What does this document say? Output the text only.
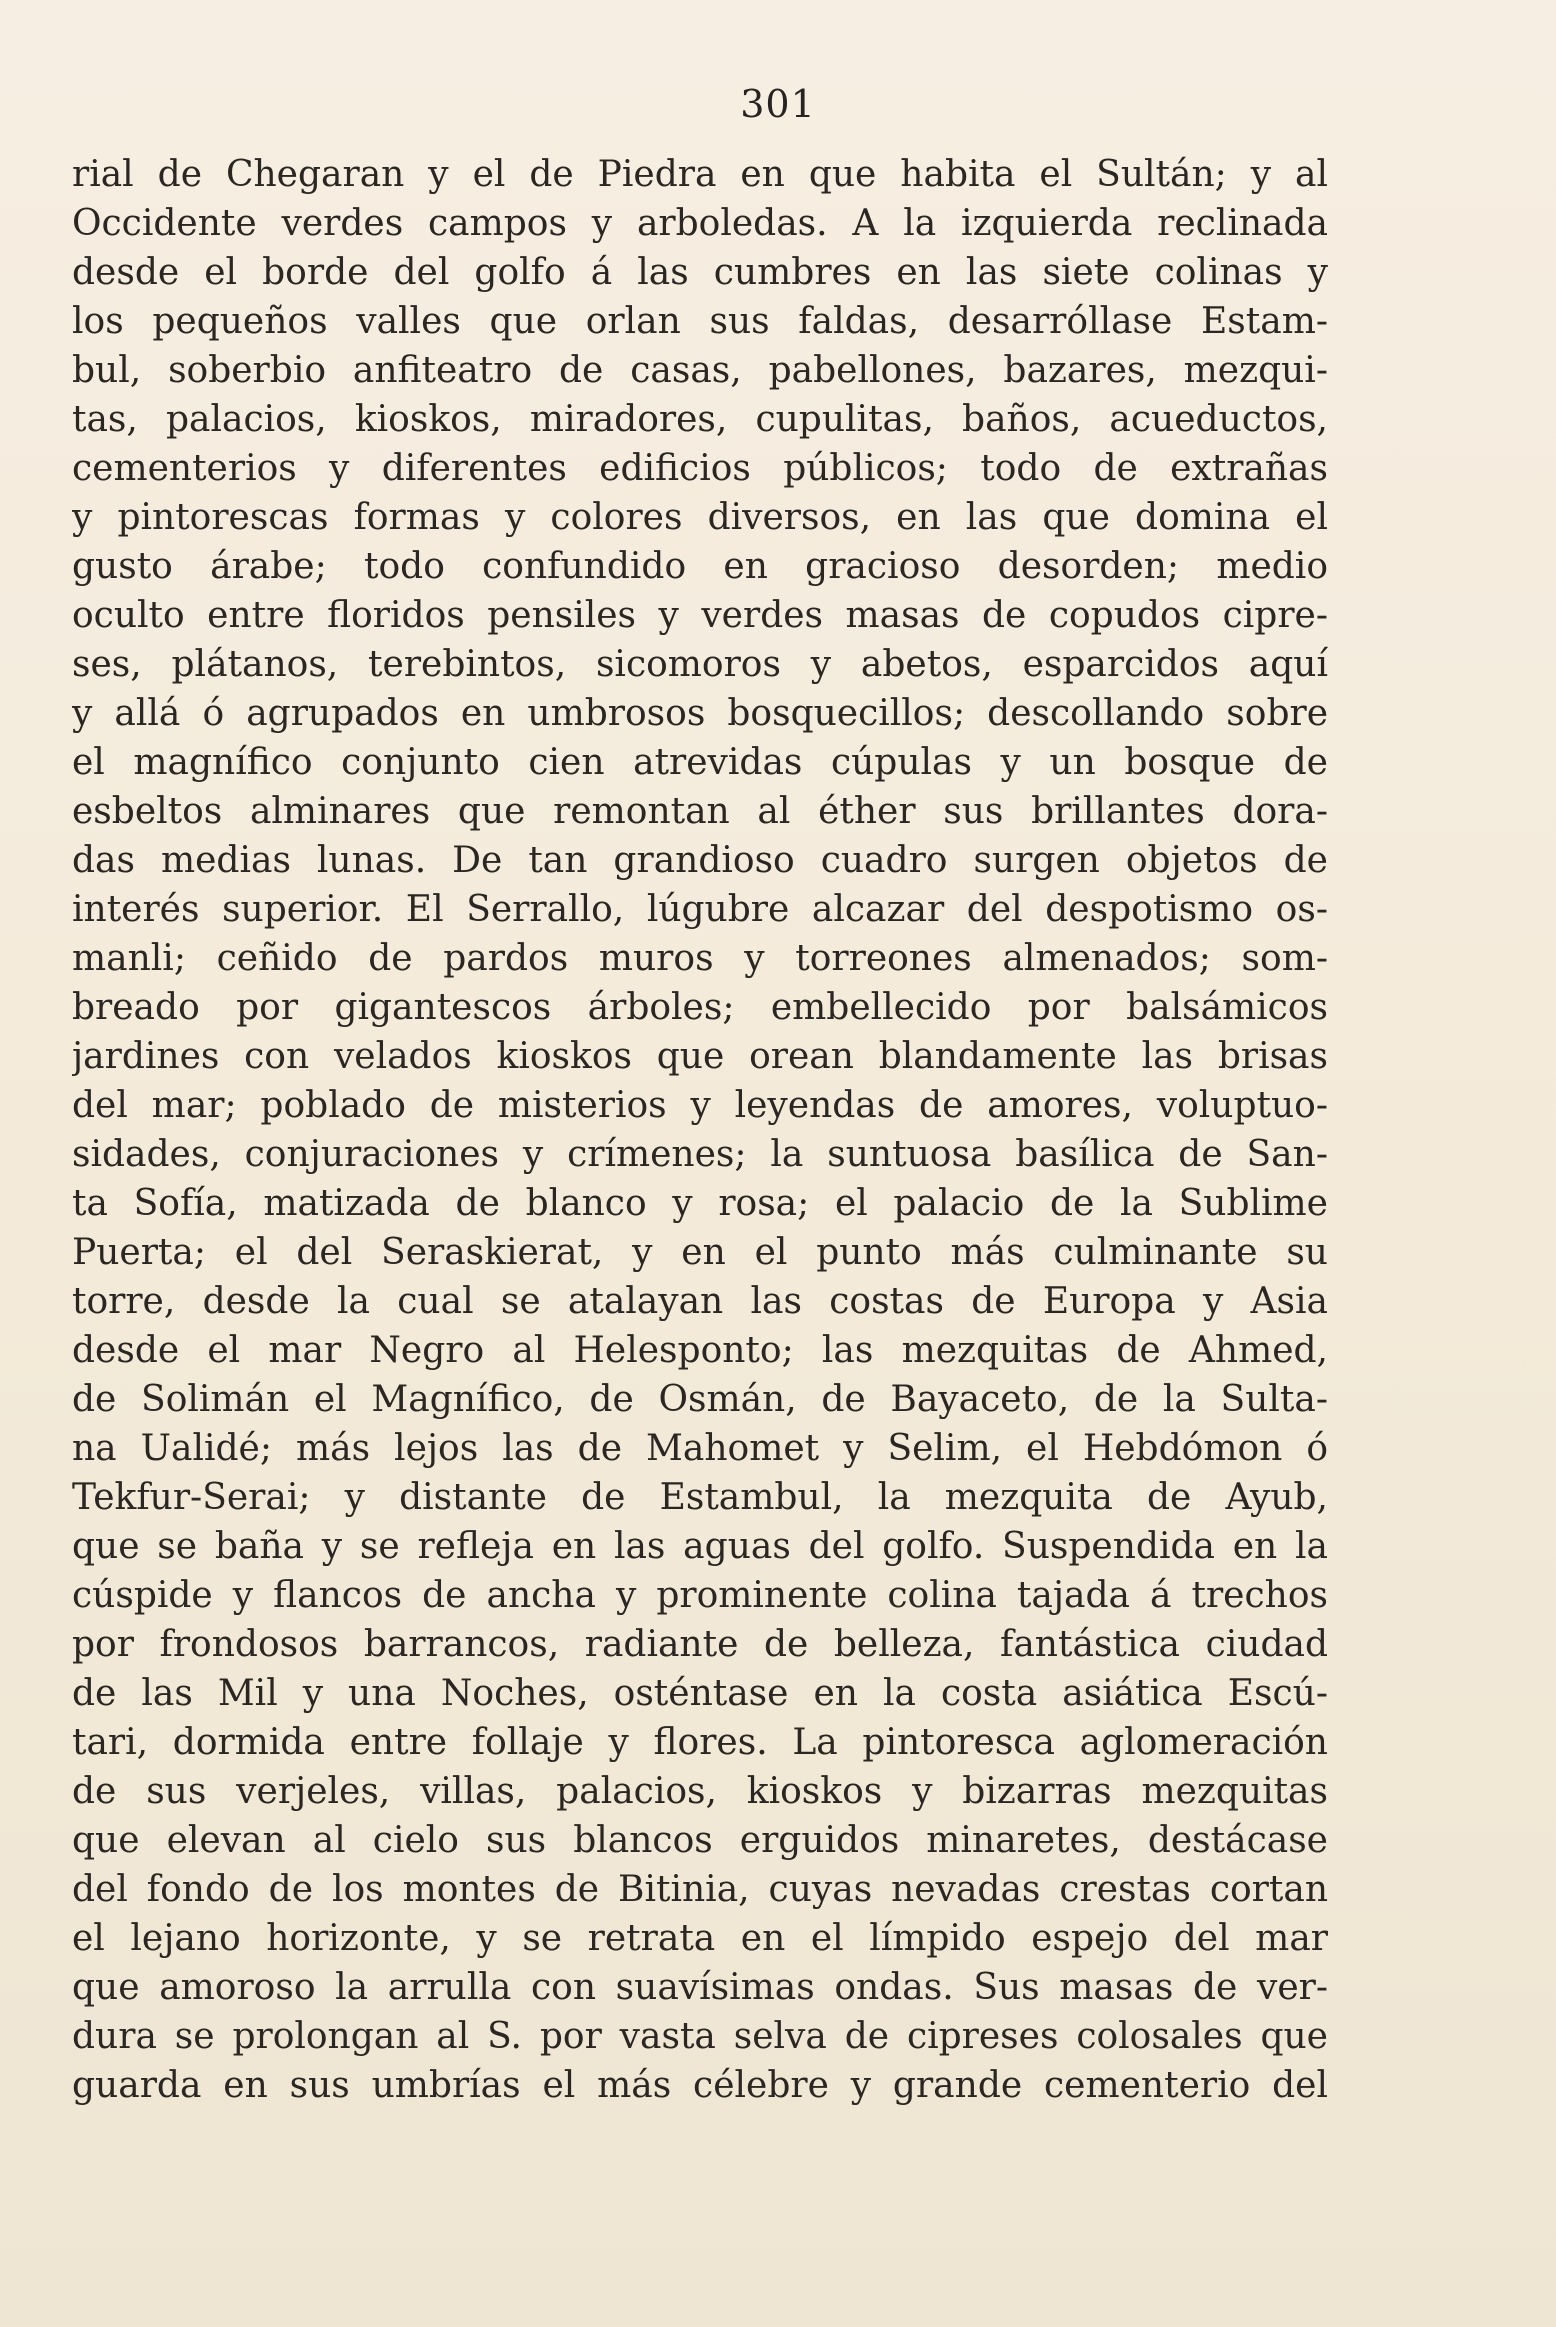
301
rial de Chegaran y el de Piedra en que habita el Sultán; y al
Occidente verdes campos y arboledas. A la izquierda reclinada
desde el borde del golfo á las cumbres en las siete colinas y
los pequeños valles que orlan sus faldas, desarróllase Estam-
bul, soberbio anfiteatro de casas, pabellones, bazares, mezqui-
tas, palacios, kioskos, miradores, cupulitas, baños, acueductos,
cementerios y diferentes edificios públicos; todo de extrañas
y pintorescas formas y colores diversos, en las que domina el
gusto árabe; todo confundido en gracioso desorden; medio
oculto entre floridos pensiles y verdes masas de copudos cipre-
ses, plátanos, terebintos, sicomoros y abetos, esparcidos aquí
y allá ó agrupados en umbrosos bosquecillos; descollando sobre
el magnífico conjunto cien atrevidas cúpulas y un bosque de
esbeltos alminares que remontan al éther sus brillantes dora-
das medias lunas. De tan grandioso cuadro surgen objetos de
interés superior. El Serrallo, lúgubre alcazar del despotismo os-
manli; ceñido de pardos muros y torreones almenados; som-
breado por gigantescos árboles; embellecido por balsámicos
jardines con velados kioskos que orean blandamente las brisas
del mar; poblado de misterios y leyendas de amores, voluptuo-
sidades, conjuraciones y crímenes; la suntuosa basílica de San-
ta Sofía, matizada de blanco y rosa; el palacio de la Sublime
Puerta; el del Seraskierat, y en el punto más culminante su
torre, desde la cual se atalayan las costas de Europa y Asia
desde el mar Negro al Helesponto; las mezquitas de Ahmed,
de Solimán el Magnífico, de Osmán, de Bayaceto, de la Sulta-
na Ualidé; más lejos las de Mahomet y Selim, el Hebdómon ó
Tekfur-Serai; y distante de Estambul, la mezquita de Ayub,
que se baña y se refleja en las aguas del golfo. Suspendida en la
cúspide y flancos de ancha y prominente colina tajada á trechos
por frondosos barrancos, radiante de belleza, fantástica ciudad
de las Mil y una Noches, osténtase en la costa asiática Escú-
tari, dormida entre follaje y flores. La pintoresca aglomeración
de sus verjeles, villas, palacios, kioskos y bizarras mezquitas
que elevan al cielo sus blancos erguidos minaretes, destácase
del fondo de los montes de Bitinia, cuyas nevadas crestas cortan
el lejano horizonte, y se retrata en el límpido espejo del mar
que amoroso la arrulla con suavísimas ondas. Sus masas de ver-
dura se prolongan al S. por vasta selva de cipreses colosales que
guarda en sus umbrías el más célebre y grande cementerio del
